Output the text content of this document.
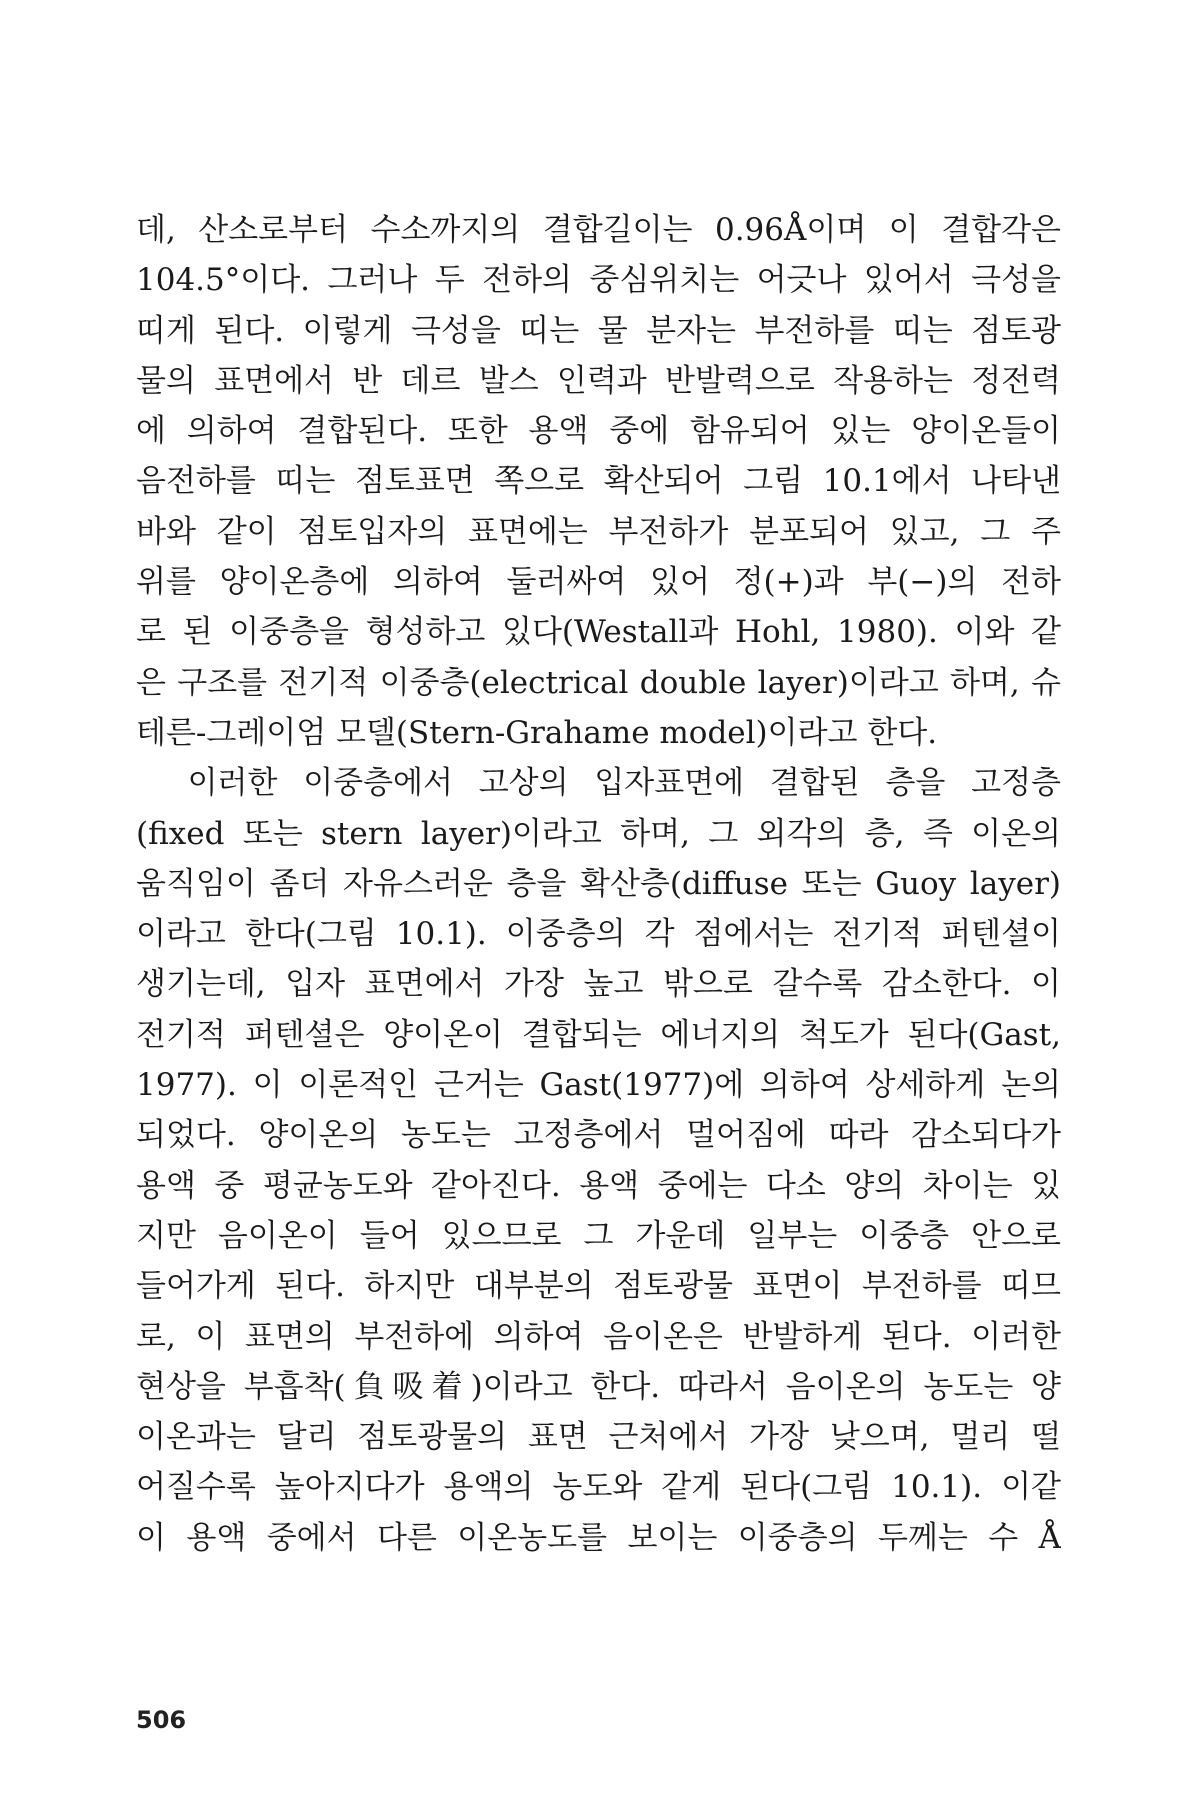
데, 산소로부터 수소까지의 결합길이는 0.96Å이며 이 결합각은
104.5°이다. 그러나 두 전하의 중심위치는 어긋나 있어서 극성을
띠게 된다. 이렇게 극성을 띠는 물 분자는 부전하를 띠는 점토광
물의 표면에서 반 데르 발스 인력과 반발력으로 작용하는 정전력
에 의하여 결합된다. 또한 용액 중에 함유되어 있는 양이온들이
음전하를 띠는 점토표면 쪽으로 확산되어 그림 10.1에서 나타낸
바와 같이 점토입자의 표면에는 부전하가 분포되어 있고, 그 주
위를 양이온층에 의하여 둘러싸여 있어 정(+)과 부(−)의 전하
로 된 이중층을 형성하고 있다(Westall과 Hohl, 1980). 이와 같
은 구조를 전기적 이중층(electrical double layer)이라고 하며, 슈
테른-그레이엄 모델(Stern-Grahame model)이라고 한다.
이러한 이중층에서 고상의 입자표면에 결합된 층을 고정층
(fixed 또는 stern layer)이라고 하며, 그 외각의 층, 즉 이온의
움직임이 좀더 자유스러운 층을 확산층(diffuse 또는 Guoy layer)
이라고 한다(그림 10.1). 이중층의 각 점에서는 전기적 퍼텐셜이
생기는데, 입자 표면에서 가장 높고 밖으로 갈수록 감소한다. 이
전기적 퍼텐셜은 양이온이 결합되는 에너지의 척도가 된다(Gast,
1977). 이 이론적인 근거는 Gast(1977)에 의하여 상세하게 논의
되었다. 양이온의 농도는 고정층에서 멀어짐에 따라 감소되다가
용액 중 평균농도와 같아진다. 용액 중에는 다소 양의 차이는 있
지만 음이온이 들어 있으므로 그 가운데 일부는 이중층 안으로
들어가게 된다. 하지만 대부분의 점토광물 표면이 부전하를 띠므
로, 이 표면의 부전하에 의하여 음이온은 반발하게 된다. 이러한
현상을 부흡착(負吸着)이라고 한다. 따라서 음이온의 농도는 양
이온과는 달리 점토광물의 표면 근처에서 가장 낮으며, 멀리 떨
어질수록 높아지다가 용액의 농도와 같게 된다(그림 10.1). 이같
이 용액 중에서 다른 이온농도를 보이는 이중층의 두께는 수 Å
506
